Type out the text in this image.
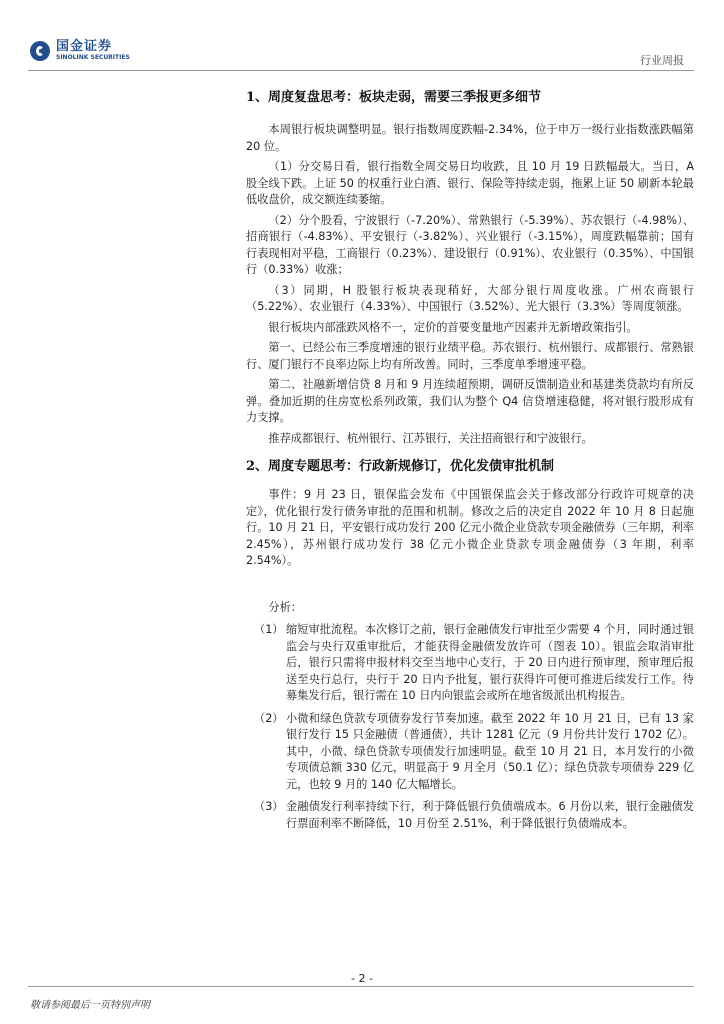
国金证券
SINOLINK SECURITIES	行业周报
1、周度复盘思考：板块走弱，需要三季报更多细节

本周银行板块调整明显。银行指数周度跌幅-2.34%，位于申万一级行业指数涨跌幅第 20 位。

（1）分交易日看，银行指数全周交易日均收跌，且 10 月 19 日跌幅最大。当日，A 股全线下跌。上证 50 的权重行业白酒、银行、保险等持续走弱，拖累上证 50 刷新本轮最低收盘价，成交额连续萎缩。

（2）分个股看，宁波银行（-7.20%）、常熟银行（-5.39%）、苏农银行（-4.98%）、招商银行（-4.83%）、平安银行（-3.82%）、兴业银行（-3.15%），周度跌幅靠前；国有行表现相对平稳，工商银行（0.23%）、建设银行（0.91%）、农业银行（0.35%）、中国银行（0.33%）收涨；

（3）同期，H 股银行板块表现稍好，大部分银行周度收涨。广州农商银行（5.22%）、农业银行（4.33%）、中国银行（3.52%）、光大银行（3.3%）等周度领涨。

银行板块内部涨跌风格不一，定价的首要变量地产因素并无新增政策指引。

第一、已经公布三季度增速的银行业绩平稳。苏农银行、杭州银行、成都银行、常熟银行、厦门银行不良率边际上均有所改善。同时，三季度单季增速平稳。

第二、社融新增信贷 8 月和 9 月连续超预期，调研反馈制造业和基建类贷款均有所反弹。叠加近期的住房宽松系列政策，我们认为整个 Q4 信贷增速稳健，将对银行股形成有力支撑。

推荐成都银行、杭州银行、江苏银行，关注招商银行和宁波银行。

2、周度专题思考：行政新规修订，优化发债审批机制

事件：9 月 23 日，银保监会发布《中国银保监会关于修改部分行政许可规章的决定》，优化银行发行债务审批的范围和机制。修改之后的决定自 2022 年 10 月 8 日起施行。10 月 21 日，平安银行成功发行 200 亿元小微企业贷款专项金融债券（三年期，利率 2.45%），苏州银行成功发行 38 亿元小微企业贷款专项金融债券（3 年期，利率 2.54%）。

分析：

（1） 缩短审批流程。本次修订之前，银行金融债发行审批至少需要 4 个月，同时通过银监会与央行双重审批后，才能获得金融债发放许可（图表 10）。银监会取消审批后，银行只需将申报材料交至当地中心支行，于 20 日内进行预审理，预审理后报送至央行总行，央行于 20 日内予批复，银行获得许可便可推进后续发行工作。待募集发行后，银行需在 10 日内向银监会或所在地省级派出机构报告。
（2） 小微和绿色贷款专项债券发行节奏加速。截至 2022 年 10 月 21 日，已有 13 家银行发行 15 只金融债（普通债），共计 1281 亿元（9 月份共计发行 1702 亿）。其中，小微、绿色贷款专项债发行加速明显。截至 10 月 21 日，本月发行的小微专项债总额 330 亿元，明显高于 9 月全月（50.1 亿）；绿色贷款专项债券 229 亿元，也较 9 月的 140 亿大幅增长。
（3） 金融债发行利率持续下行，利于降低银行负债端成本。6 月份以来，银行金融债发行票面利率不断降低，10 月份至 2.51%，利于降低银行负债端成本。
- 2 -
敬请参阅最后一页特别声明
